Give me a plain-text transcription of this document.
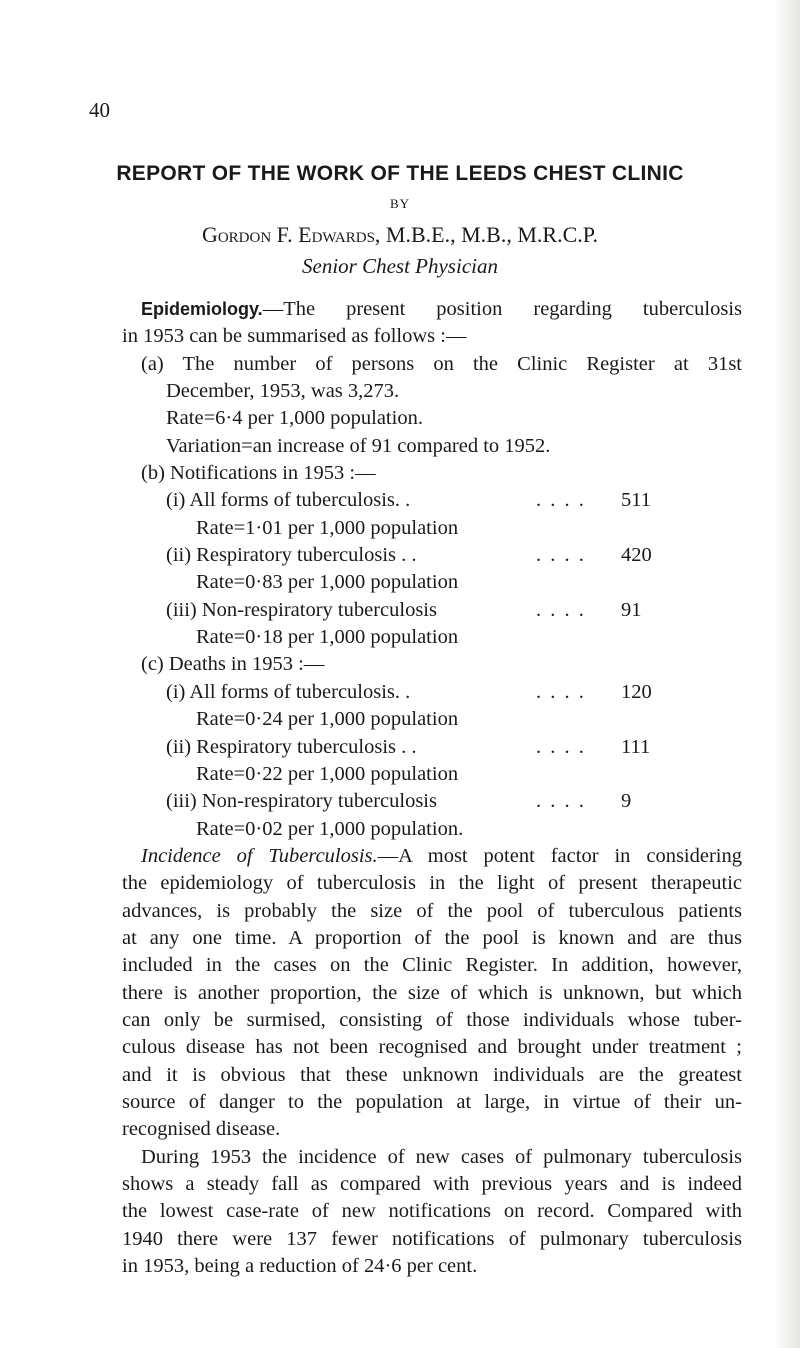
40
REPORT OF THE WORK OF THE LEEDS CHEST CLINIC
BY
Gordon F. Edwards, M.B.E., M.B., M.R.C.P.
Senior Chest Physician

Epidemiology.—The present position regarding tuberculosis

in 1953 can be summarised as follows :—

(a) The number of persons on the Clinic Register at 31st

December, 1953, was 3,273.

Rate=6·4 per 1,000 population.

Variation=an increase of 91 compared to 1952.

(b) Notifications in 1953 :—

(i) All forms of tuberculosis. .	. . . .	511

Rate=1·01 per 1,000 population

(ii) Respiratory tuberculosis . .	. . . .	420

Rate=0·83 per 1,000 population

(iii) Non-respiratory tuberculosis	. . . .	91

Rate=0·18 per 1,000 population

(c) Deaths in 1953 :—

(i) All forms of tuberculosis. .	. . . .	120

Rate=0·24 per 1,000 population

(ii) Respiratory tuberculosis . .	. . . .	111

Rate=0·22 per 1,000 population

(iii) Non-respiratory tuberculosis	. . . .	9

Rate=0·02 per 1,000 population.

Incidence of Tuberculosis.—A most potent factor in considering

the epidemiology of tuberculosis in the light of present therapeutic

advances, is probably the size of the pool of tuberculous patients

at any one time. A proportion of the pool is known and are thus

included in the cases on the Clinic Register. In addition, however,

there is another proportion, the size of which is unknown, but which

can only be surmised, consisting of those individuals whose tuber-

culous disease has not been recognised and brought under treatment ;

and it is obvious that these unknown individuals are the greatest

source of danger to the population at large, in virtue of their un-

recognised disease.

During 1953 the incidence of new cases of pulmonary tuberculosis

shows a steady fall as compared with previous years and is indeed

the lowest case-rate of new notifications on record. Compared with

1940 there were 137 fewer notifications of pulmonary tuberculosis

in 1953, being a reduction of 24·6 per cent.
